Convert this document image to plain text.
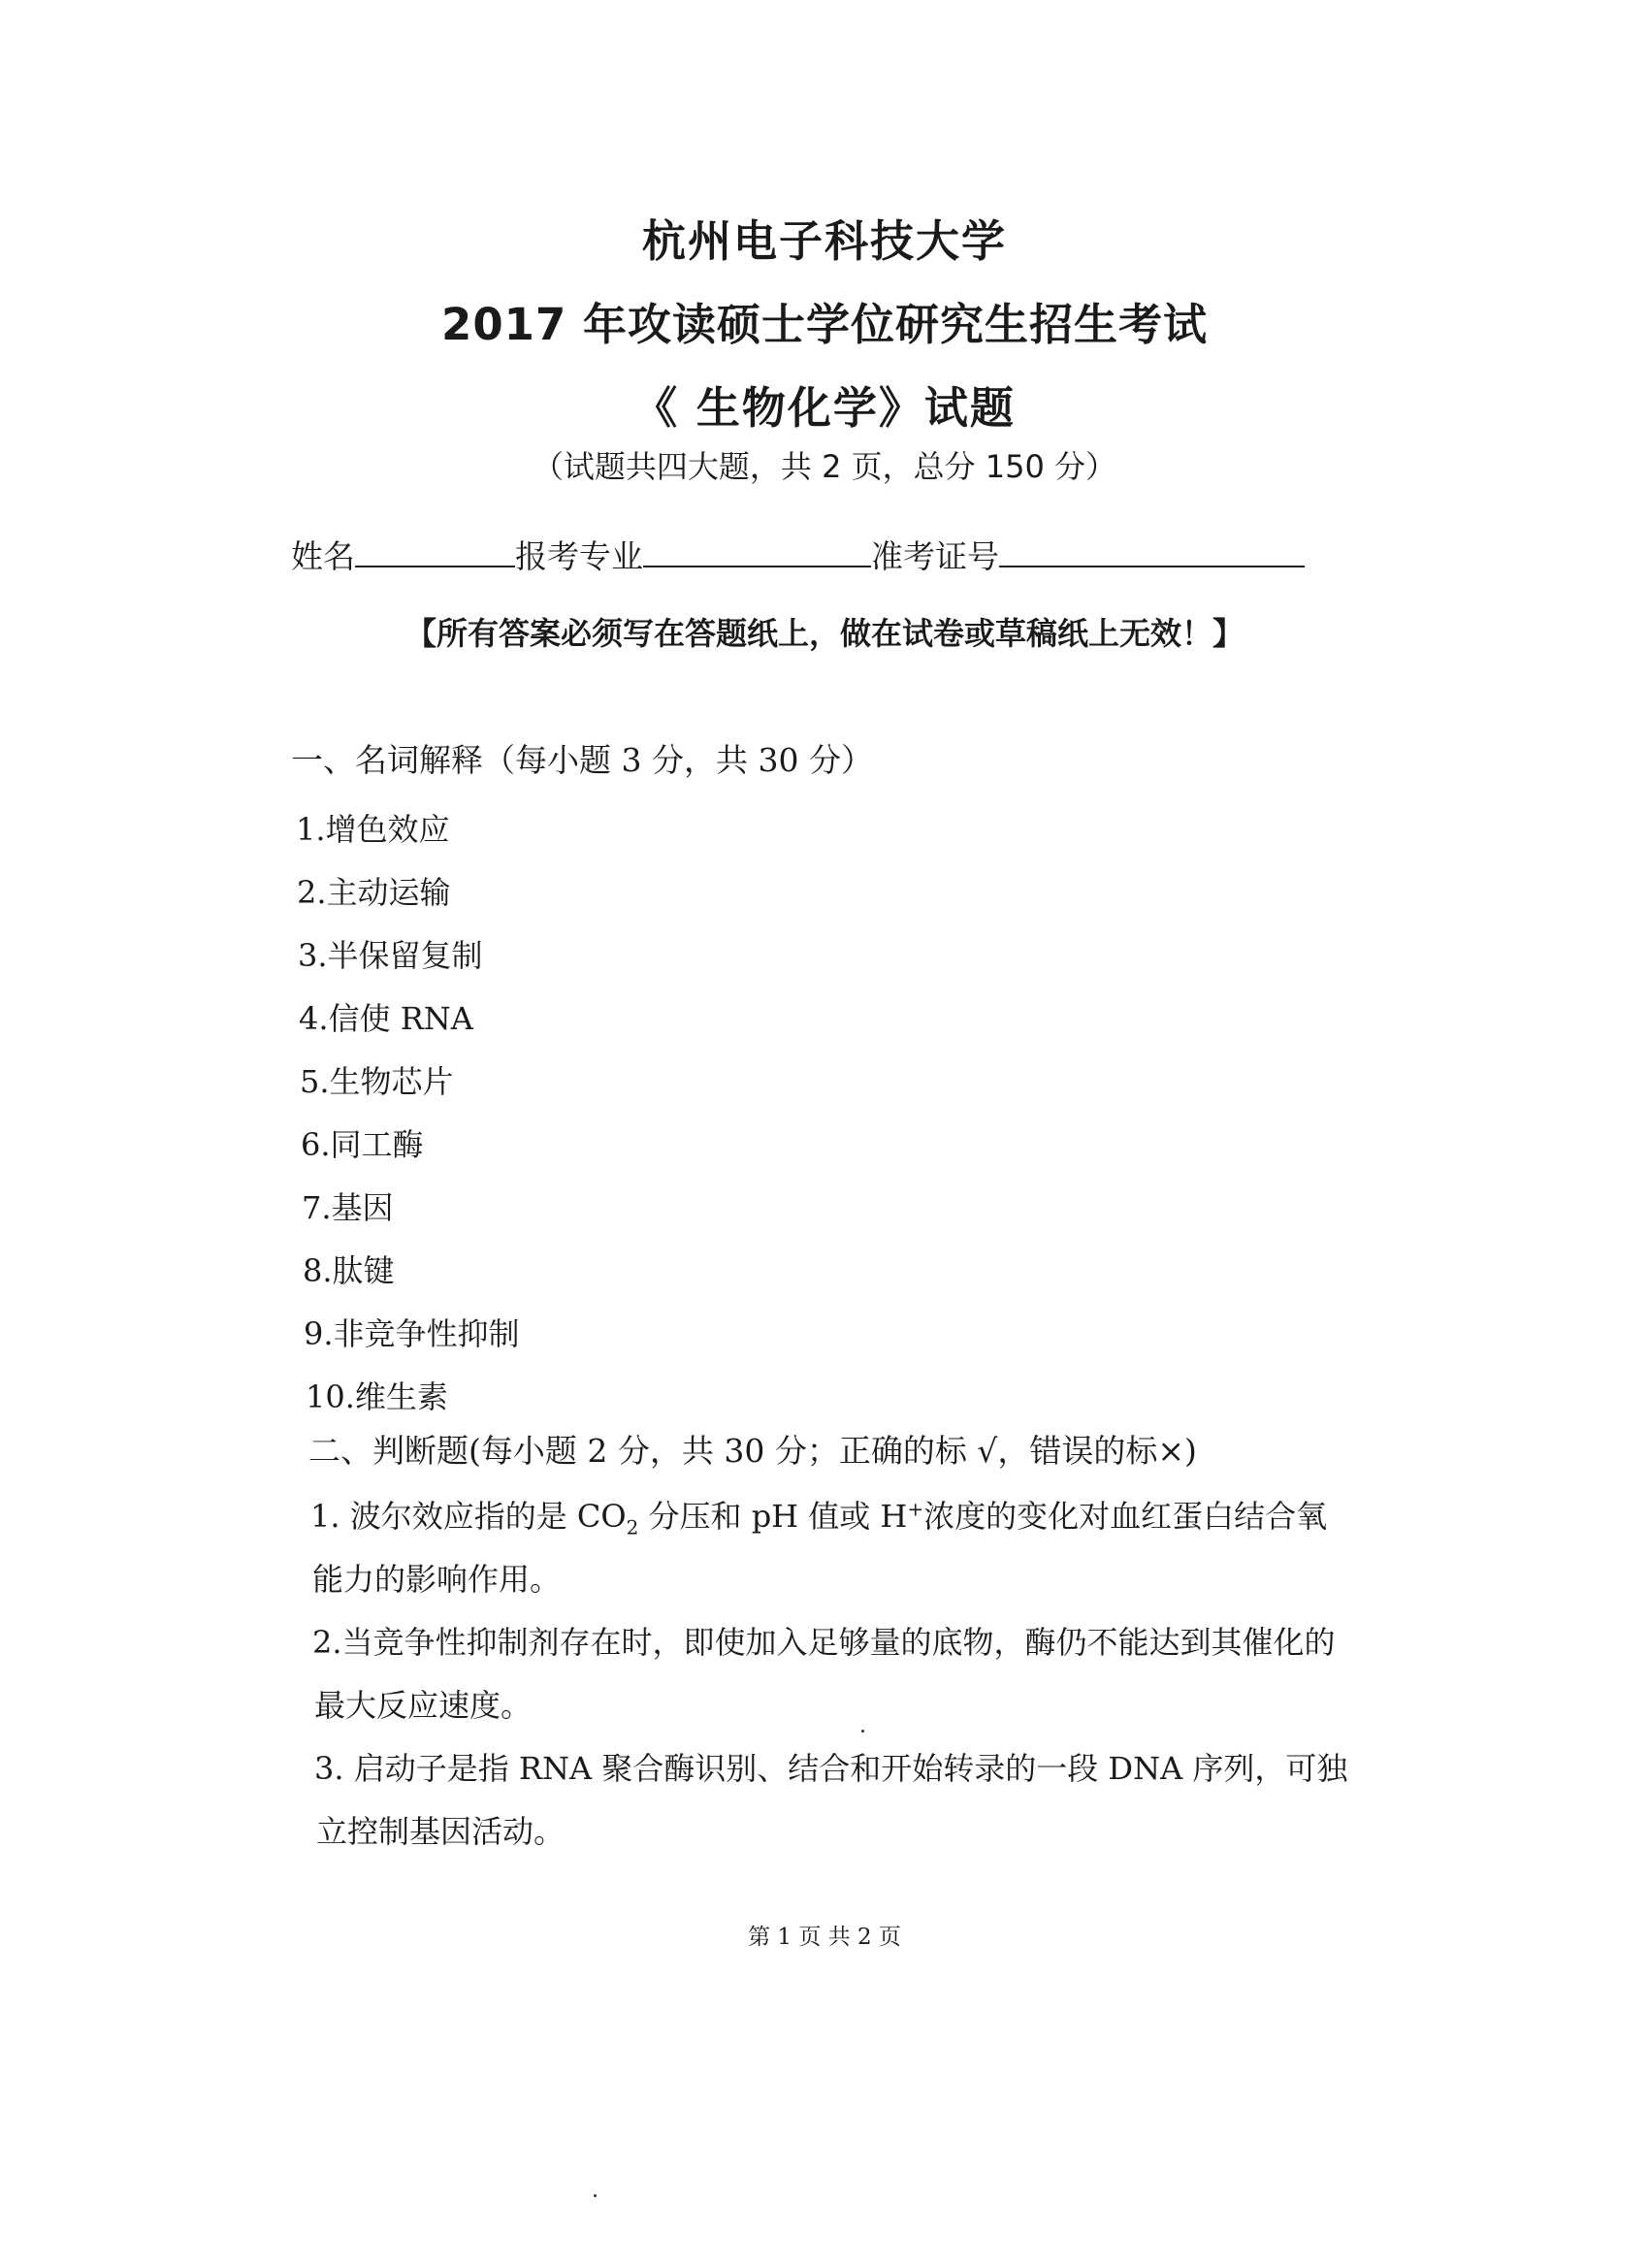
杭州电子科技大学
2017 年攻读硕士学位研究生招生考试
《 生物化学》试题
（试题共四大题，共 2 页，总分 150 分）
姓名	报考专业	准考证号
【所有答案必须写在答题纸上，做在试卷或草稿纸上无效！】
一、名词解释（每小题 3 分，共 30 分）
1.增色效应
2.主动运输
3.半保留复制
4.信使 RNA
5.生物芯片
6.同工酶
7.基因
8.肽键
9.非竞争性抑制
10.维生素
二、判断题(每小题 2 分，共 30 分；正确的标 √，错误的标×)
1. 波尔效应指的是 $CO_2$ 分压和 pH 值或 H+浓度的变化对血红蛋白结合氧
能力的影响作用。
2.当竞争性抑制剂存在时，即使加入足够量的底物，酶仍不能达到其催化的
最大反应速度。
3. 启动子是指 RNA 聚合酶识别、结合和开始转录的一段 DNA 序列，可独
立控制基因活动。
第 1 页 共 2 页
